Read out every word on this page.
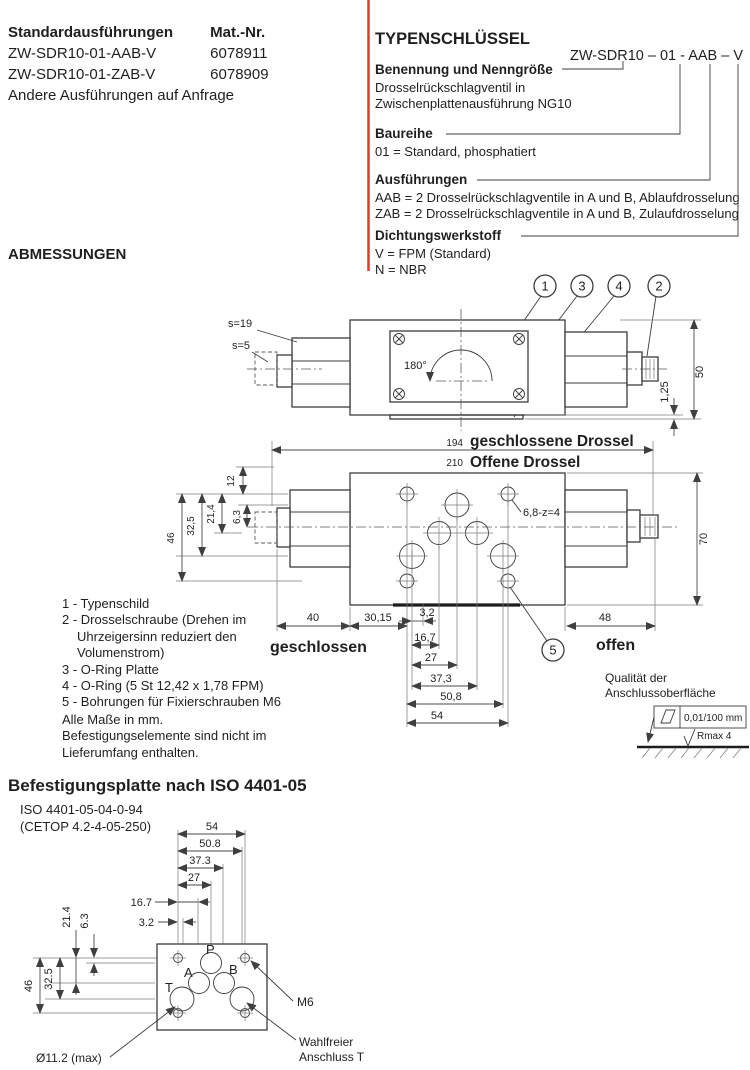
Standardausführungen Mat.-Nr.
ZW-SDR10-01-AAB-V	6078911
ZW-SDR10-01-ZAB-V	6078909
Andere Ausführungen auf Anfrage
TYPENSCHLÜSSEL
ZW-SDR10 – 01 - AAB – V
Benennung und Nenngröße
Drosselrückschlagventil in
Zwischenplattenausführung NG10
Baureihe
01 = Standard, phosphatiert
Ausführungen
AAB = 2 Drosselrückschlagventile in A und B, Ablaufdrosselung
ZAB = 2 Drosselrückschlagventile in A und B, Zulaufdrosselung
Dichtungswerkstoff
V = FPM (Standard)
N = NBR
ABMESSUNGEN
1 3 4	2
180°
s=19
s=5
50
1,25
194 geschlossene Drossel
210 Offene Drossel
6,8-z=4
5
12
21,4 6,3
32,5
46	70
40	30,15	3,2
16,7
27
37,3
50,8
54
48
geschlossen	offen
Qualität der
Anschlussoberfläche
0,01/100 mm
Rmax 4
1 - Typenschild
2 - Drosselschraube (Drehen im
Uhrzeigersinn reduziert den
Volumenstrom)
3 - O-Ring Platte
4 - O-Ring (5 St 12,42 x 1,78 FPM)
5 - Bohrungen für Fixierschrauben M6
Alle Maße in mm.
Befestigungselemente sind nicht im
Lieferumfang enthalten.
Befestigungsplatte nach ISO 4401-05
ISO 4401-05-04-0-94
(CETOP 4.2-4-05-250)	54
50.8
37.3
27
16.7
3.2
21.4 6.3
46 32.5
P
A	B
T
M6
Wahlfreier
Anschluss T
Ø11.2 (max)
